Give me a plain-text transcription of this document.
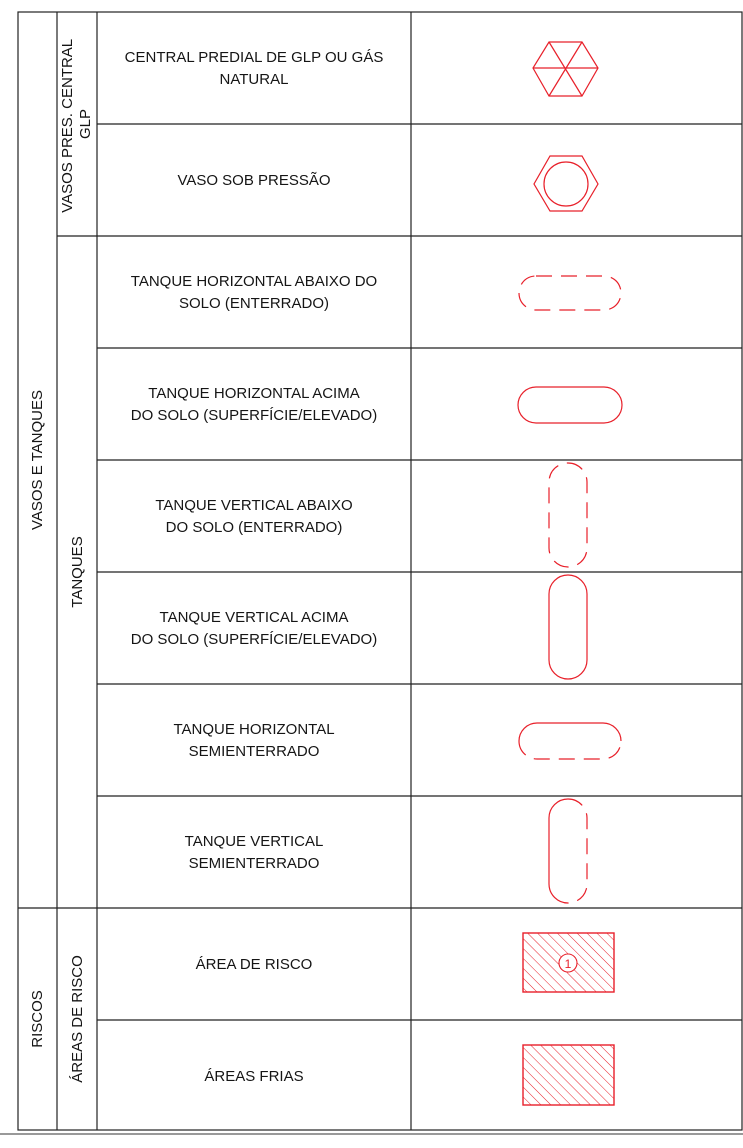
VASOS E TANQUES
RISCOS
VASOS PRES. CENTRAL GLP
TANQUES
ÁREAS DE RISCO
CENTRAL PREDIAL DE GLP OU GÁS NATURAL
VASO SOB PRESSÃO
TANQUE HORIZONTAL ABAIXO DO SOLO (ENTERRADO)
TANQUE HORIZONTAL ACIMA DO SOLO (SUPERFÍCIE/ELEVADO)
TANQUE VERTICAL ABAIXO DO SOLO (ENTERRADO)
TANQUE VERTICAL ACIMA DO SOLO (SUPERFÍCIE/ELEVADO)
TANQUE HORIZONTAL SEMIENTERRADO
TANQUE VERTICAL SEMIENTERRADO
ÁREA DE RISCO
ÁREAS FRIAS
1
